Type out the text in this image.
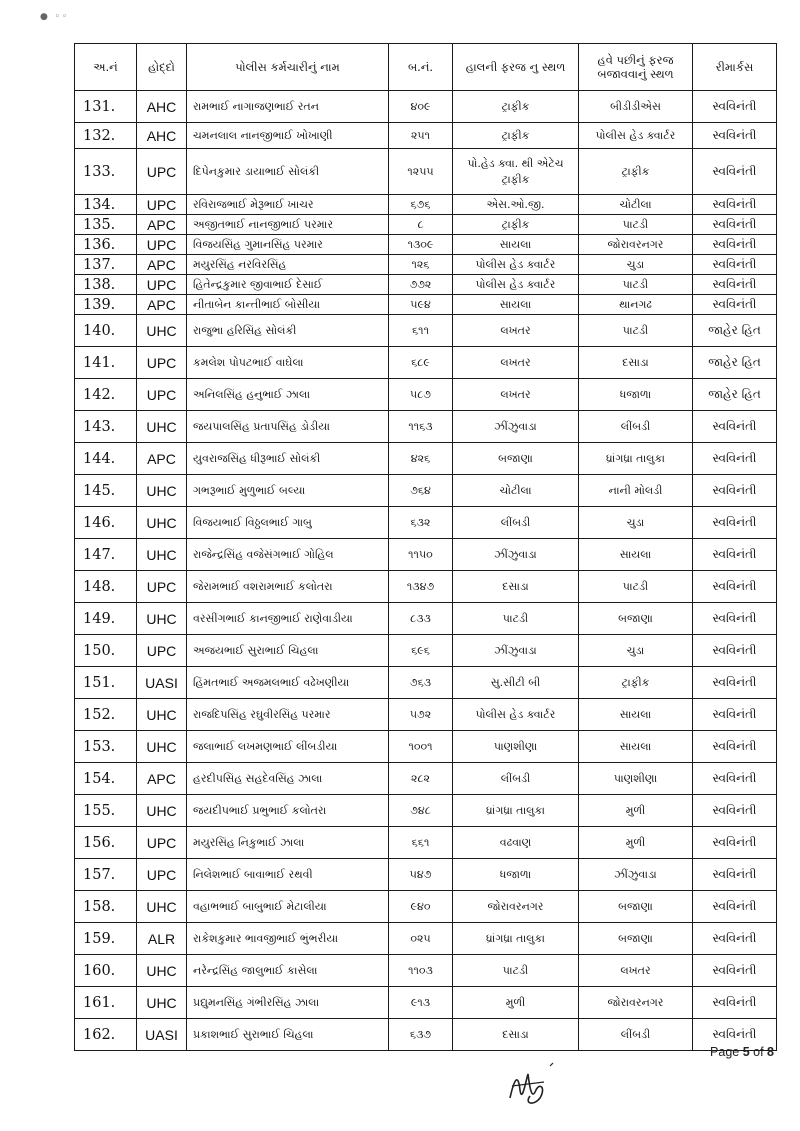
● ◦◦
અ.નં	હોદ્દો	પોલીસ કર્મચારીનું નામ	બ.નં.	હાલની ફરજ નુ સ્થળ	હવે પછીનું ફરજ બજાવવાનું સ્થળ	રીમાર્કસ
131.	AHC	રામભાઈ નાગાજણભાઈ રતન	૪૦૯	ટ્રાફીક	બીડીડીએસ	સ્વવિનંતી
132.	AHC	ચમનલાલ નાનજીભાઈ ખોખાણી	૨૫૧	ટ્રાફીક	પોલીસ હેડ ક્વાર્ટર	સ્વવિનંતી
133.	UPC	દિપેનકુમાર ડાયાભાઈ સોલંકી	૧૨૫૫	પો.હેડ ક્વા. થી એટેચ ટ્રાફીક	ટ્રાફીક	સ્વવિનંતી
134.	UPC	રવિરાજભાઈ મેરૂભાઈ ખાચર	૬૭૬	એસ.ઓ.જી.	ચોટીલા	સ્વવિનંતી
135.	APC	અજીતભાઈ નાનજીભાઈ પરમાર	૮	ટ્રાફીક	પાટડી	સ્વવિનંતી
136.	UPC	વિજયસિંહ ગુમાનસિંહ પરમાર	૧૩૦૯	સાયલા	જોરાવરનગર	સ્વવિનંતી
137.	APC	મયુરસિંહ નરવિરસિંહ	૧૨૬	પોલીસ હેડ ક્વાર્ટર	ચુડા	સ્વવિનંતી
138.	UPC	હિતેન્દ્રકુમાર જીવાભાઈ દેસાઈ	૭૭૨	પોલીસ હેડ ક્વાર્ટર	પાટડી	સ્વવિનંતી
139.	APC	નીતાબેન કાન્તીભાઈ બોસીયા	૫૯૪	સાયલા	થાનગઢ	સ્વવિનંતી
140.	UHC	રાજુભા હરિસિંહ સોલંકી	૬૧૧	લખતર	પાટડી	જાહેર હિત
141.	UPC	કમલેશ પોપટભાઈ વાઘેલા	૬૮૯	લખતર	દસાડા	જાહેર હિત
142.	UPC	અનિલસિંહ હનુભાઈ ઝાલા	૫૮૭	લખતર	ધજાળા	જાહેર હિત
143.	UHC	જયપાલસિંહ પ્રતાપસિંહ ડોડીયા	૧૧૬૩	ઝીંઝુવાડા	લીંબડી	સ્વવિનંતી
144.	APC	યુવરાજસિંહ ધીરૂભાઈ સોલંકી	૪૨૬	બજાણા	ધ્રાંગધ્રા તાલુકા	સ્વવિનંતી
145.	UHC	ગભરૂભાઈ મુળુભાઈ બલ્યા	૭૬૪	ચોટીલા	નાની મોલડી	સ્વવિનંતી
146.	UHC	વિજયભાઈ વિઠ્ઠલભાઈ ગાબુ	૬૩૨	લીંબડી	ચુડા	સ્વવિનંતી
147.	UHC	રાજેન્દ્રસિંહ વજેસંગભાઈ ગોહિલ	૧૧૫૦	ઝીંઝુવાડા	સાયલા	સ્વવિનંતી
148.	UPC	જેરામભાઈ વશરામભાઈ કલોતરા	૧૩૪૭	દસાડા	પાટડી	સ્વવિનંતી
149.	UHC	વરસીંગભાઈ કાનજીભાઈ રાણેવાડીયા	૮૩૩	પાટડી	બજાણા	સ્વવિનંતી
150.	UPC	અજયભાઈ સુરાભાઈ ચિહલા	૬૯૬	ઝીંઝુવાડા	ચુડા	સ્વવિનંતી
151.	UASI	હિંમતભાઈ અજમલભાઈ વઢેખણીયા	૭૬૩	સુ.સીટી બી	ટ્રાફીક	સ્વવિનંતી
152.	UHC	રાજદિપસિંહ રઘુવીરસિંહ પરમાર	૫૭૨	પોલીસ હેડ ક્વાર્ટર	સાયલા	સ્વવિનંતી
153.	UHC	જલાભાઈ લખમણભાઈ લીંબડીયા	૧૦૦૧	પાણશીણા	સાયલા	સ્વવિનંતી
154.	APC	હરદીપસિંહ સહદેવસિંહ ઝાલા	૨૮૨	લીંબડી	પાણશીણા	સ્વવિનંતી
155.	UHC	જયદીપભાઈ પ્રભુભાઈ કલોતરા	૭૪૮	ધ્રાંગધ્રા તાલુકા	મુળી	સ્વવિનંતી
156.	UPC	મયુરસિંહ નિકુભાઈ ઝાલા	૬૬૧	વઢવાણ	મુળી	સ્વવિનંતી
157.	UPC	નિલેશભાઈ બાવાભાઈ રથવી	૫૪૭	ધજાળા	ઝીંઝુવાડા	સ્વવિનંતી
158.	UHC	વહાભભાઈ બાબુભાઈ મેટાલીયા	૯૪૦	જોરાવરનગર	બજાણા	સ્વવિનંતી
159.	ALR	રાકેશકુમાર ભાવજીભાઈ ભુંભરીયા	૦૨૫	ધ્રાંગધ્રા તાલુકા	બજાણા	સ્વવિનંતી
160.	UHC	નરેન્દ્રસિંહ જાલુભાઈ કાસેલા	૧૧૦૩	પાટડી	લખતર	સ્વવિનંતી
161.	UHC	પ્રદ્યુમનસિંહ ગંભીરસિંહ ઝાલા	૯૧૩	મુળી	જોરાવરનગર	સ્વવિનંતી
162.	UASI	પ્રકાશભાઈ સુરાભાઈ ચિહલા	૬૩૭	દસાડા	લીંબડી	સ્વવિનંતી
Page 5 of 8
